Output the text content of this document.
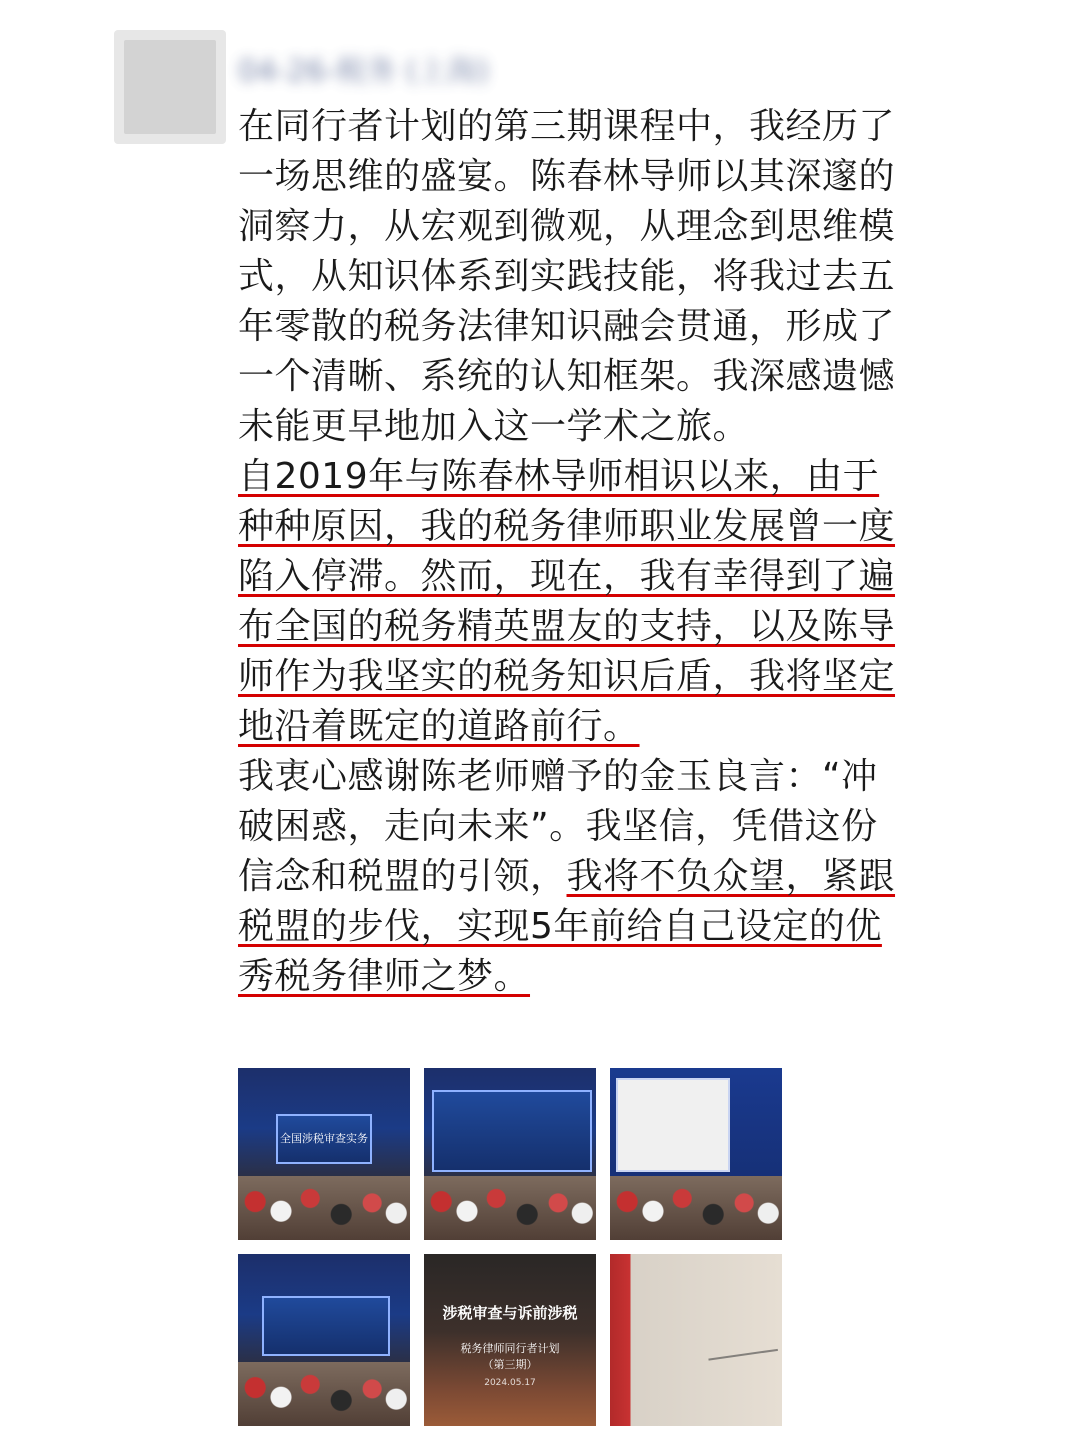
04-26-税务 (上海)
在同行者计划的第三期课程中，我经历了一场思维的盛宴。陈春林导师以其深邃的洞察力，从宏观到微观，从理念到思维模式，从知识体系到实践技能，将我过去五年零散的税务法律知识融会贯通，形成了一个清晰、系统的认知框架。我深感遗憾未能更早地加入这一学术之旅。
自2019年与陈春林导师相识以来，由于种种原因，我的税务律师职业发展曾一度陷入停滞。然而，现在，我有幸得到了遍布全国的税务精英盟友的支持，以及陈导师作为我坚实的税务知识后盾，我将坚定地沿着既定的道路前行。
我衷心感谢陈老师赠予的金玉良言：“冲破困惑，走向未来”。我坚信，凭借这份信念和税盟的引领，我将不负众望，紧跟税盟的步伐，实现5年前给自己设定的优秀税务律师之梦。
全国涉税审查实务
涉税审查与诉前涉税
税务律师同行者计划
（第三期）
2024.05.17
